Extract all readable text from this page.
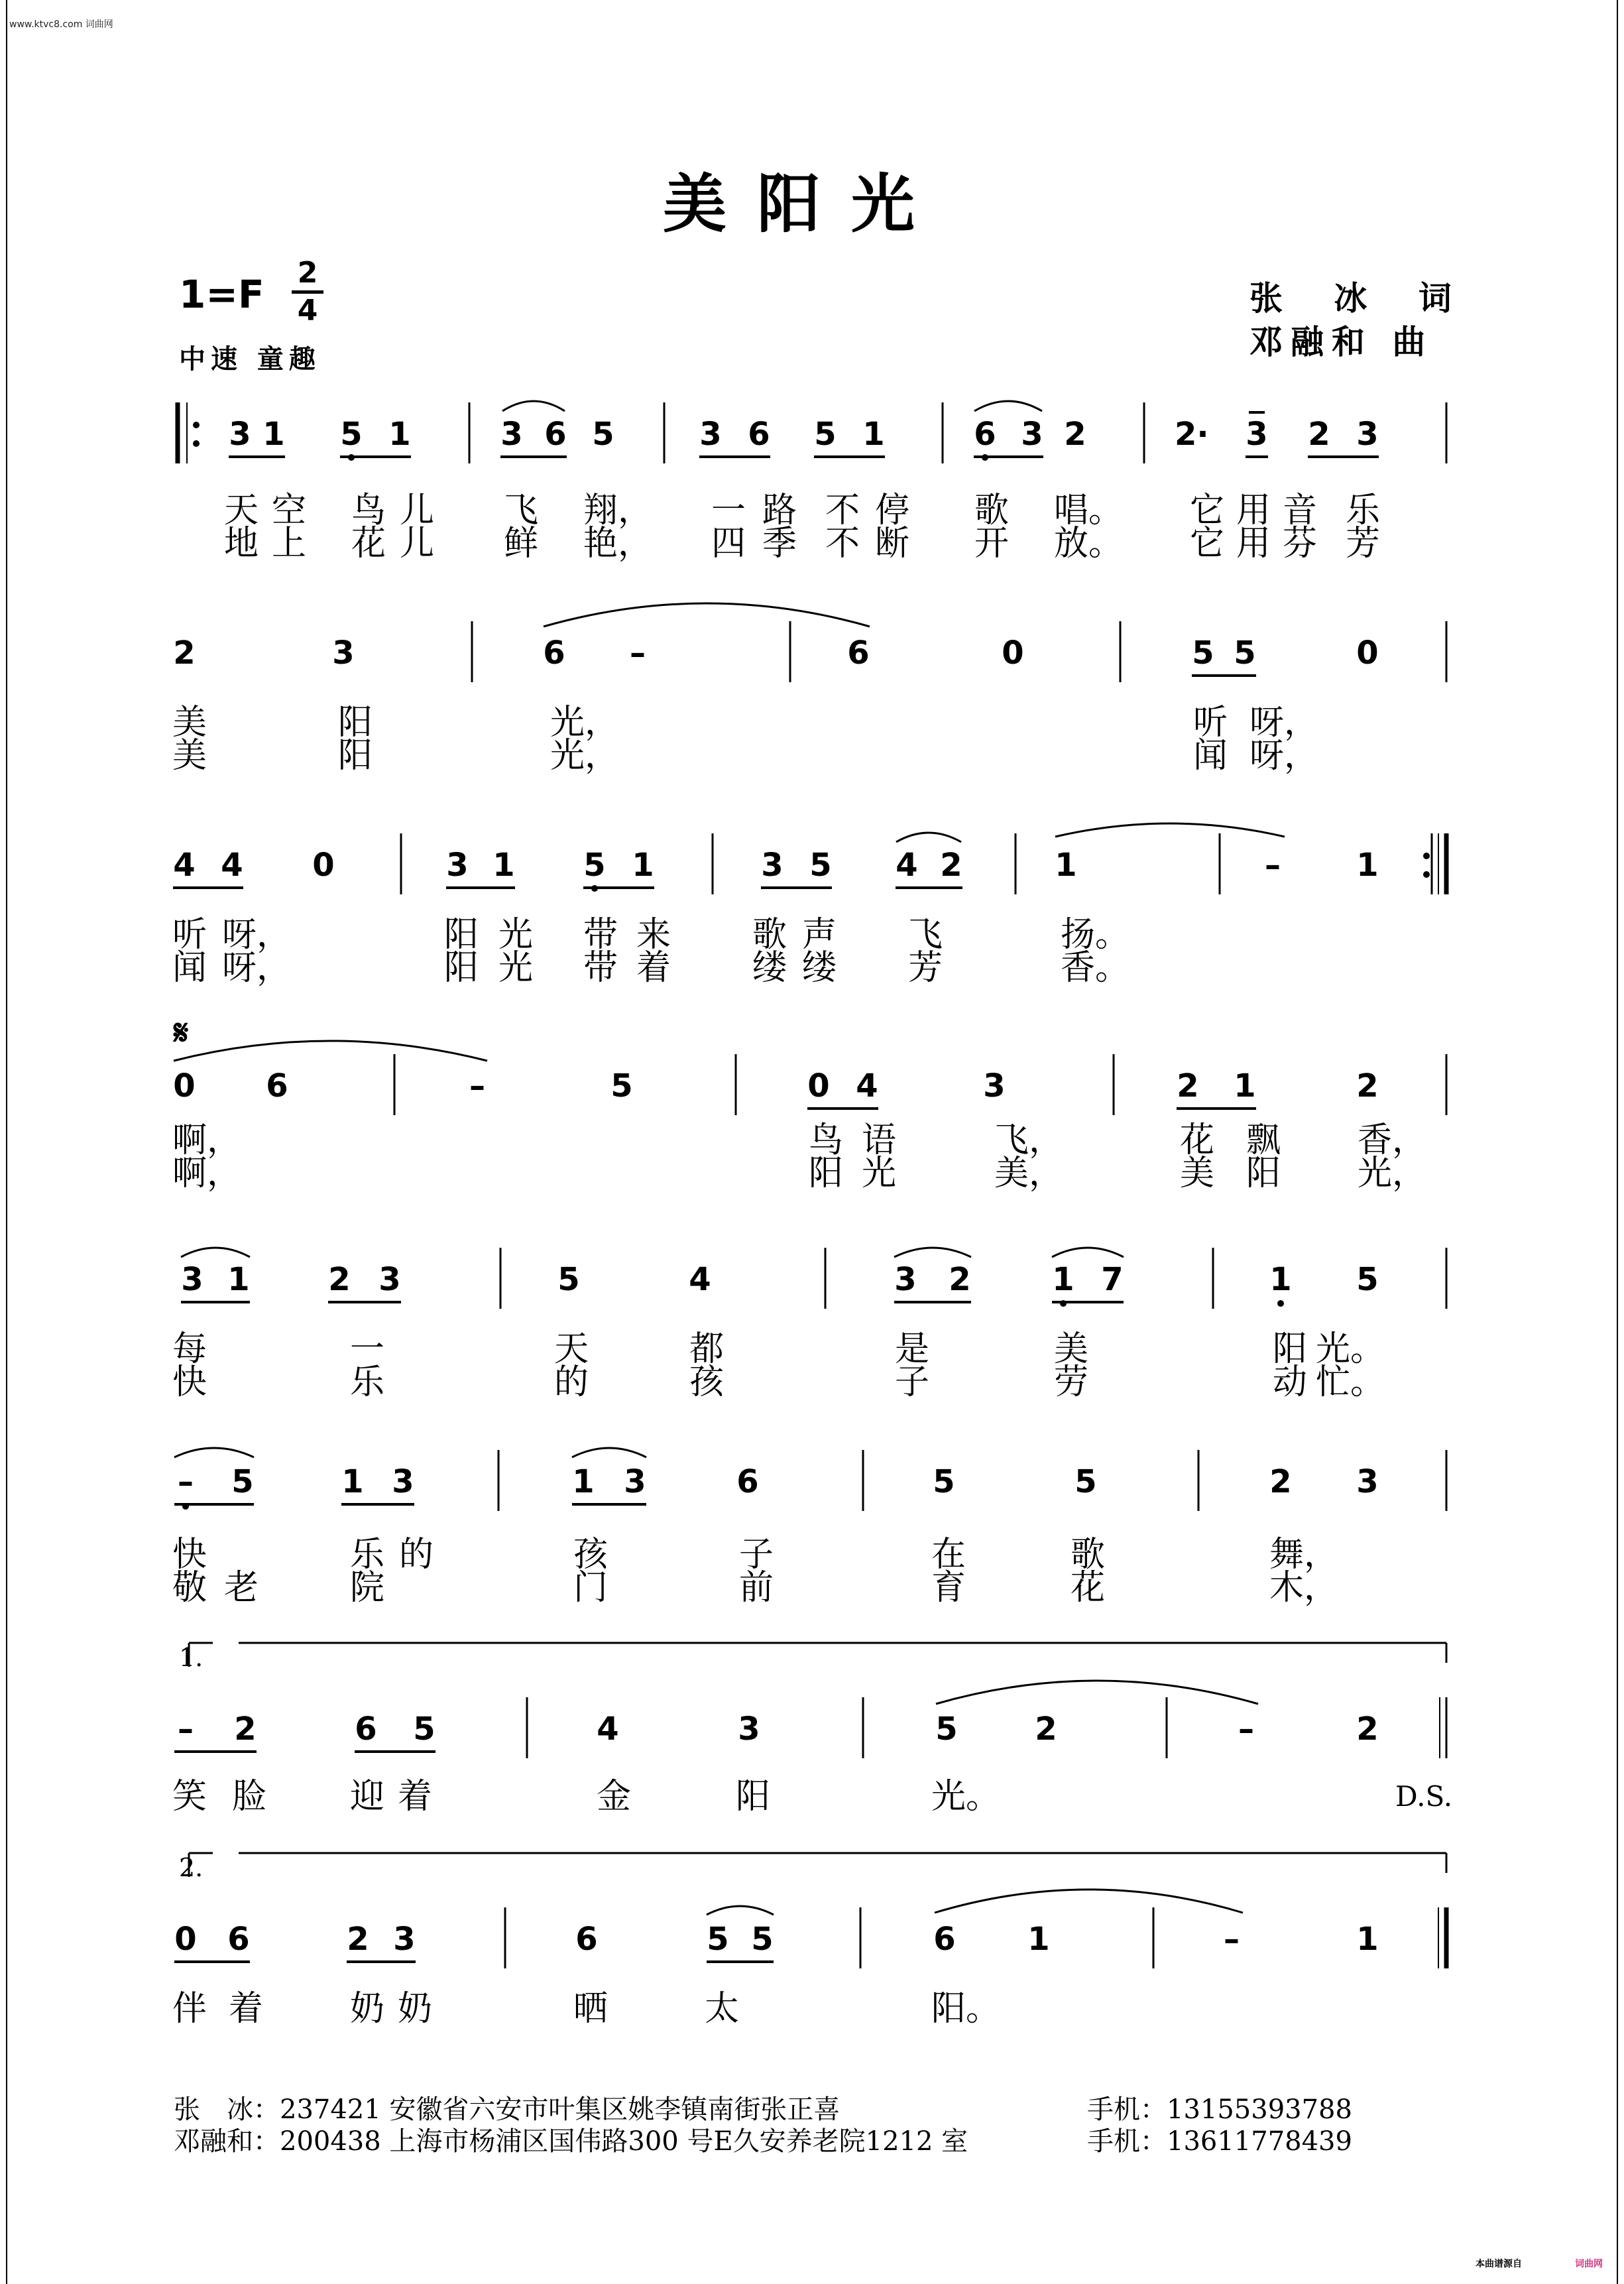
www.ktvc8.com 词曲网
美阳光
1=F 2
4
中速 童趣
张 冰 词
邓融和 曲
3 1 5 1	3 6 5	3 6 5 1	6 3 2	2· 3 2 3
2	3	6 –	6	0	5 5	0
4 4 0	3 1 5 1	3 5 4 2	1	– 1
0 6	–	5	0 4	3	2 1	2
3 1 2 3	5	4	3 2	1 7	1 5
– 5	1 3	1 3	6	5	5	2 3
– 2	6 5	4	3	5 2	–	2
0 6	2 3	6	5 5	6 1	–	1
天 空 鸟 儿 飞 翔， 一 路 不 停 歌 唱。 它 用 音 乐
地 上 花 儿 鲜 艳， 四 季 不 断 开 放。 它 用 芬 芳
美	阳	光，	听 呀，
美	阳	光，	闻 呀，
听 呀，	阳 光 带 来 歌 声 飞	扬。
闻 呀，	阳 光 带 着 缕 缕 芳	香。
啊，	鸟 语	飞，	花 飘 香，
啊，	阳 光	美，	美 阳 光，
每	一	天	都	是	美	阳 光。
快	乐	的	孩	子	劳	动 忙。
快	乐 的	孩	子	在	歌	舞，
敬 老	院	门	前	育	花	木，
笑 脸 迎 着	金	阳	光。
伴 着	奶 奶	晒	太	阳。
𝄋
1.
2.
D.S.
张　冰：237421 安徽省六安市叶集区姚李镇南街张正喜	手机：13155393788
邓融和：200438 上海市杨浦区国伟路300 号E久安养老院1212 室	手机：13611778439
本曲谱源自	词曲网
